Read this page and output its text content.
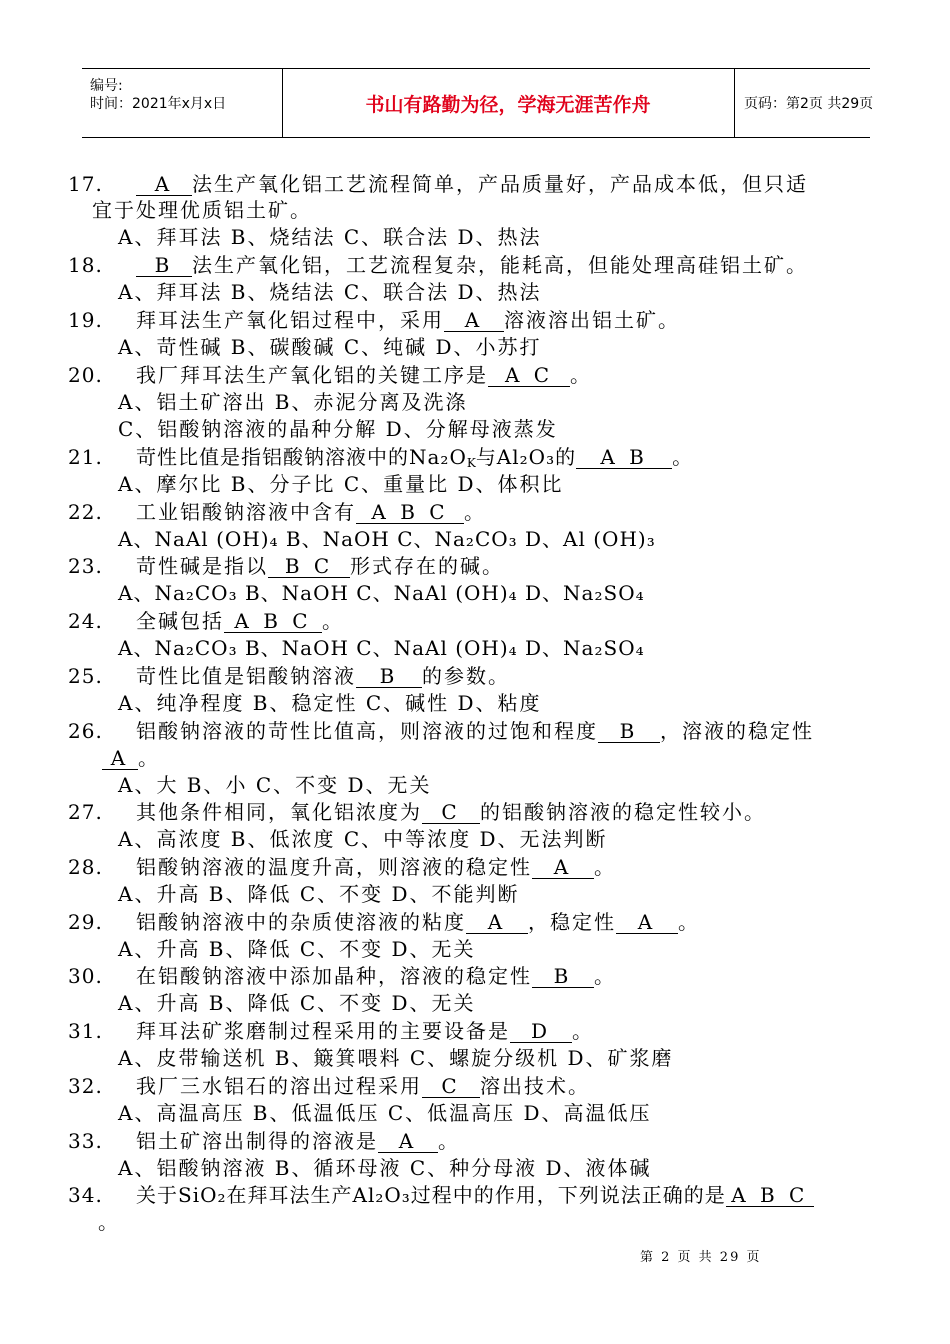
编号:
时间：2021年x月x日	书山有路勤为径，学海无涯苦作舟	页码：第2页 共29页
17.	A 法生产氧化铝工艺流程简单，产品质量好，产品成本低，但只适
宜于处理优质铝土矿。
A、拜耳法 B、烧结法 C、联合法 D、热法
18.	B 法生产氧化铝，工艺流程复杂，能耗高，但能处理高硅铝土矿。
A、拜耳法 B、烧结法 C、联合法 D、热法
19. 拜耳法生产氧化铝过程中，采用 A 溶液溶出铝土矿。
A、苛性碱 B、碳酸碱 C、纯碱 D、小苏打
20. 我厂拜耳法生产氧化铝的关键工序是 A C 。
A、铝土矿溶出 B、赤泥分离及洗涤
C、铝酸钠溶液的晶种分解 D、分解母液蒸发
21. 苛性比值是指铝酸钠溶液中的$Na_2O_K$与Al₂O₃的 A B 。
A、摩尔比 B、分子比 C、重量比 D、体积比
22. 工业铝酸钠溶液中含有 A B C 。
A、NaAl (OH)₄ B、NaOH C、Na₂CO₃ D、Al (OH)₃
23. 苛性碱是指以 B C 形式存在的碱。
A、Na₂CO₃ B、NaOH C、NaAl (OH)₄ D、Na₂SO₄
24. 全碱包括 A B C 。
A、Na₂CO₃ B、NaOH C、NaAl (OH)₄ D、Na₂SO₄
25. 苛性比值是铝酸钠溶液 B 的参数。
A、纯净程度 B、稳定性 C、碱性 D、粘度
26. 铝酸钠溶液的苛性比值高，则溶液的过饱和程度 B ，溶液的稳定性
A 。
A、大 B、小 C、不变 D、无关
27. 其他条件相同，氧化铝浓度为 C 的铝酸钠溶液的稳定性较小。
A、高浓度 B、低浓度 C、中等浓度 D、无法判断
28. 铝酸钠溶液的温度升高，则溶液的稳定性 A 。
A、升高 B、降低 C、不变 D、不能判断
29. 铝酸钠溶液中的杂质使溶液的粘度 A ，稳定性 A 。
A、升高 B、降低 C、不变 D、无关
30. 在铝酸钠溶液中添加晶种，溶液的稳定性 B 。
A、升高 B、降低 C、不变 D、无关
31. 拜耳法矿浆磨制过程采用的主要设备是 D 。
A、皮带输送机 B、簸箕喂料 C、螺旋分级机 D、矿浆磨
32. 我厂三水铝石的溶出过程采用 C 溶出技术。
A、高温高压 B、低温低压 C、低温高压 D、高温低压
33. 铝土矿溶出制得的溶液是 A 。
A、铝酸钠溶液 B、循环母液 C、种分母液 D、液体碱
34. 关于SiO₂在拜耳法生产Al₂O₃过程中的作用，下列说法正确的是 A B C
。
第 2 页 共 29 页
